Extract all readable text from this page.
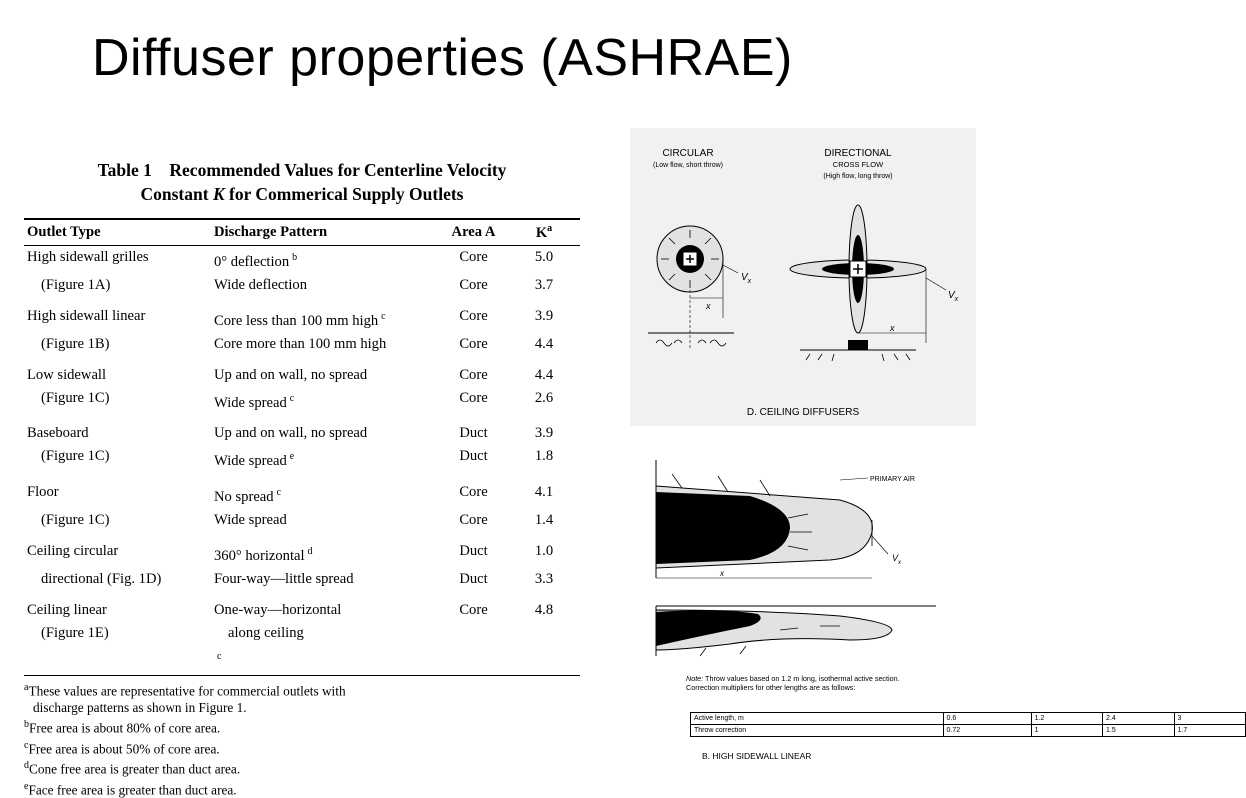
Diffuser properties (ASHRAE)
Table 1    Recommended Values for Centerline Velocity
Constant K for Commerical Supply Outlets
Outlet Type	Discharge Pattern	Area A	$K^a$
High sidewall grilles	0° deflection $^b$	Core	5.0

(Figure 1A)	Wide deflection	Core	3.7
High sidewall linear	Core less than 100 mm high $^c$	Core	3.9

(Figure 1B)	Core more than 100 mm high	Core	4.4
Low sidewall	Up and on wall, no spread	Core	4.4

(Figure 1C)	Wide spread $^c$	Core	2.6
Baseboard	Up and on wall, no spread	Duct	3.9

(Figure 1C)	Wide spread $^e$	Duct	1.8
Floor	No spread $^c$	Core	4.1

(Figure 1C)	Wide spread	Core	1.4
Ceiling circular	360° horizontal $^d$	Duct	1.0

directional (Fig. 1D)	Four-way—little spread	Duct	3.3
Ceiling linear	One-way—horizontal	Core	4.8

(Figure 1E)	along ceiling
$^c$		
$^a$These values are representative for commercial outlets with
discharge patterns as shown in Figure 1.
$^b$Free area is about 80% of core area.
$^c$Free area is about 50% of core area.
$^d$Cone free area is greater than duct area.
$^e$Face free area is greater than duct area.
CIRCULAR
(Low flow, short throw)
DIRECTIONAL
CROSS FLOW
(High flow, long throw)
$V_x$
x
$V_x$
x
D. CEILING DIFFUSERS
PRIMARY AIR
$V_x$
x
Note: Throw values based on 1.2 m long, isothermal active section.
Correction multipliers for other lengths are as follows:
Active length, m	0.6	1.2	2.4	3
Throw correction	0.72	1	1.5	1.7
B. HIGH SIDEWALL LINEAR
